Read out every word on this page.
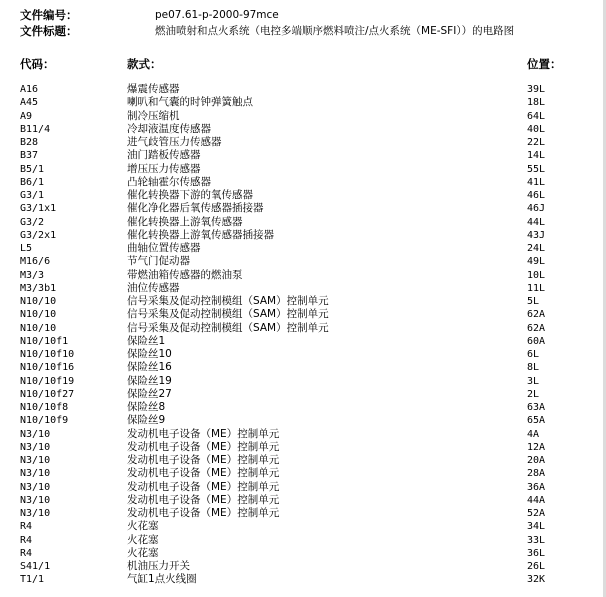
文件编号：	pe07.61-p-2000-97mce
文件标题：	燃油喷射和点火系统（电控多端顺序燃料喷注/点火系统（ME-SFI））的电路图
代码：	款式：	位置：
A16	爆震传感器	39L
A45	喇叭和气囊的时钟弹簧触点	18L
A9	制冷压缩机	64L
B11/4	冷却液温度传感器	40L
B28	进气歧管压力传感器	22L
B37	油门踏板传感器	14L
B5/1	增压压力传感器	55L
B6/1	凸轮轴霍尔传感器	41L
G3/1	催化转换器下游的氧传感器	46L
G3/1x1	催化净化器后氧传感器插接器	46J
G3/2	催化转换器上游氧传感器	44L
G3/2x1	催化转换器上游氧传感器插接器	43J
L5	曲轴位置传感器	24L
M16/6	节气门促动器	49L
M3/3	带燃油箱传感器的燃油泵	10L
M3/3b1	油位传感器	11L
N10/10	信号采集及促动控制模组（SAM）控制单元	5L
N10/10	信号采集及促动控制模组（SAM）控制单元	62A
N10/10	信号采集及促动控制模组（SAM）控制单元	62A
N10/10f1	保险丝1	60A
N10/10f10	保险丝10	6L
N10/10f16	保险丝16	8L
N10/10f19	保险丝19	3L
N10/10f27	保险丝27	2L
N10/10f8	保险丝8	63A
N10/10f9	保险丝9	65A
N3/10	发动机电子设备（ME）控制单元	4A
N3/10	发动机电子设备（ME）控制单元	12A
N3/10	发动机电子设备（ME）控制单元	20A
N3/10	发动机电子设备（ME）控制单元	28A
N3/10	发动机电子设备（ME）控制单元	36A
N3/10	发动机电子设备（ME）控制单元	44A
N3/10	发动机电子设备（ME）控制单元	52A
R4	火花塞	34L
R4	火花塞	33L
R4	火花塞	36L
S41/1	机油压力开关	26L
T1/1	气缸1点火线圈	32K
